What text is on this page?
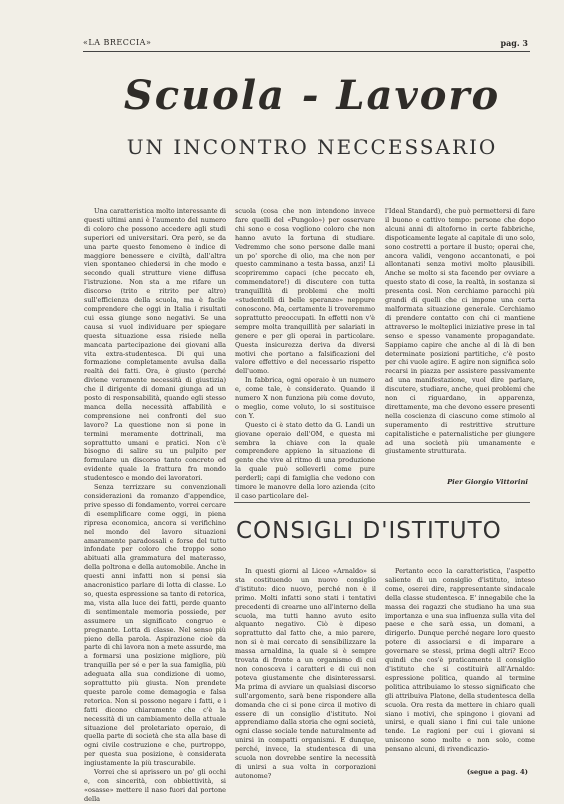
«LA BRECCIA»	pag. 3
Scuola - Lavoro
UN INCONTRO NECCESSARIO

Una caratteristica molto interessante di questi ultimi anni è l'aumento del numero di coloro che possono accedere agli studi superiori ed universitari. Ora però, se da una parte questo fenomeno è indice di maggiore benessere e civiltà, dall'altra vien spontaneo chiedersi in che modo e secondo quali strutture viene diffusa l'istruzione. Non sta a me rifare un discorso (trito e ritrito per altro) sull'efficienza della scuola, ma è facile comprendere che oggi in Italia i risultati cui essa giunge sono negativi. Se una causa si vuol individuare per spiegare questa situazione essa risiede nella mancata partecipazione dei giovani alla vita extra-studentesca. Di qui una formazione completamente avulsa dalla realtà dei fatti. Ora, è giusto (perché diviene veramente necessità di giustizia) che il dirigente di domani giunga ad un posto di responsabilità, quando egli stesso manca della necessità affabilità e comprensione nei confronti del suo lavoro? La questione non si pone in termini meramente dottrinali, ma soprattutto umani e pratici. Non c'è bisogno di salire su un pulpito per formulare un discorso tanto concreto ed evidente quale la frattura fra mondo studentesco e mondo dei lavoratori.

Senza terrizzare su convenzionali considerazioni da romanzo d'appendice, prive spesso di fondamento, vorrei cercare di esemplificare come oggi, in piena ripresa economica, ancora si verifichino nel mondo del lavoro situazioni amaramente paradossali e forse del tutto infondate per coloro che troppo sono abituati alla grammatura del materasso, della poltrona e della automobile. Anche in questi anni infatti non si pensi sia anacronistico parlare di lotta di classe. Lo so, questa espressione sa tanto di retorica, ma, vista alla luce dei fatti, perde quanto di sentimentale memoria possiede, per assumere un significato congruo e pregnante. Lotta di classe. Nel senso più pieno della parola. Aspirazione cioè da parte di chi lavora non a mete assurde, ma a formarsi una posizione migliore, più tranquilla per sé e per la sua famiglia, più adeguata alla sua condizione di uomo, soprattutto più giusta. Non prendete queste parole come demagogia e falsa retorica. Non si possono negare i fatti, e i fatti dicono chiaramente che c'è la necessità di un cambiamento della attuale situazione del proletariato operaio, di quella parte di società che sta alla base di ogni civile costruzione e che, purtroppo, per questa sua posizione, è considerata ingiustamente la più trascurabile.

Vorrei che si aprissero un po' gli occhi e, con sincerità, con obbiettività, si «osasse» mettere il naso fuori dal portone della

scuola (cosa che non intendono invece fare quelli del «Pungolo») per osservare chi sono e cosa vogliono coloro che non hanno avuto la fortuna di studiare. Vedremmo che sono persone dalle mani un po' sporche di olio, ma che non per questo camminano a testa bassa, anzi! Li scopriremmo capaci (che peccato eh, commendatore!) di discutere con tutta tranquillità di problemi che molti «studentelli di belle speranze» neppure conoscono. Ma, certamente li troveremmo soprattutto preoccupati. In effetti non v'è sempre molta tranquillità per salariati in genere e per gli operai in particolare. Questa insicurezza deriva da diversi motivi che portano a falsificazioni del valore effettivo e del necessario rispetto dell'uomo.

In fabbrica, ogni operaio è un numero e, come tale, è considerato. Quando il numero X non funziona più come dovuto, o meglio, come voluto, lo si sostituisce con Y.

Questo ci è stato detto da G. Landi un giovane operaio dell'OM, e questa mi sembra la chiave con la quale comprendere appieno la situazione di gente che vive al ritmo di una produzione la quale può solleverli come pure perderli; capi di famiglia che vedono con timore le manovre della loro azienda (cito il caso particolare del-

l'Ideal Standard), che può permettersi di fare il buono e cattivo tempo: persone che dopo alcuni anni di altoforno in certe fabbriche, dispoticamente legate al capitale di uno solo, sono costretti a portare il busto; operai che, ancora validi, vengono accantonati, e poi allontanati senza motivi molto plausibili. Anche se molto si sta facendo per ovviare a questo stato di cose, la realtà, in sostanza si presenta così. Non cerchiamo paracchi più grandi di quelli che ci impone una certa malformata situazione generale. Cerchiamo di prendere contatto con chi ci mantiene attraverso le molteplici iniziative prese in tal senso e spesso vanamente propagandate. Sappiamo capire che anche al di là di ben determinate posizioni partitiche, c'è posto per chi vuole agire. E agire non significa solo recarsi in piazza per assistere passivamente ad una manifestazione, vuol dire parlare, discutere, studiare, anche, quei problemi che non ci riguardano, in apparenza, direttamente, ma che devono essere presenti nella coscienza di ciascuno come stimolo al superamento di restrittive strutture capitalistiche e paternalistiche per giungere ad una società più umanamente e giustamente strutturata.

Pier Giorgio Vittorini
CONSIGLI D'ISTITUTO

In questi giorni al Liceo «Arnaldo» si sta costituendo un nuovo consiglio d'istituto: dico nuovo, perché non è il primo. Molti infatti sono stati i tentativi precedenti di crearne uno all'interno della scuola, ma tutti hanno avuto esito alquanto negativo. Ciò è dipeso soprattutto dal fatto che, a mio parere, non si è mai cercato di sensibilizzare la massa arnaldina, la quale si è sempre trovata di fronte a un organismo di cui non conosceva i caratteri e di cui non poteva giustamente che disinteressarsi. Ma prima di avviare un qualsiasi discorso sull'argomento, sarà bene rispondere alla domanda che ci si pone circa il motivo di essere di un consiglio d'istituto. Noi apprendiamo dalla storia che ogni società, ogni classe sociale tende naturalmente ad unirsi in compatti organismi. E dunque, perché, invece, la studentesca di una scuola non dovrebbe sentire la necessità di unirsi a sua volta in corporazioni autonome?

Pertanto ecco la caratteristica, l'aspetto saliente di un consiglio d'istituto, inteso come, oserei dire, rappresentante sindacale della classe studentesca. E' innegabile che la massa dei ragazzi che studiano ha una sua importanza e una sua influenza sulla vita del paese e che sarà essa, un domani, a dirigerlo. Dunque perché negare loro questo potere di associarsi e di imparare a governare se stessi, prima degli altri? Ecco quindi che cos'è praticamente il consiglio d'istituto che si costituirà all'Arnaldo: espressione politica, quando al termine politica attribuiamo lo stesso significato che gli attribuiva Platone, della studentesca della scuola. Ora resta da mettere in chiaro quali siano i motivi, che spingono i giovani ad unirsi, e quali siano i fini cui tale unione tende. Le ragioni per cui i giovani si uniscono sono molte e non solo, come pensano alcuni, di rivendicazio-

(segue a pag. 4)
